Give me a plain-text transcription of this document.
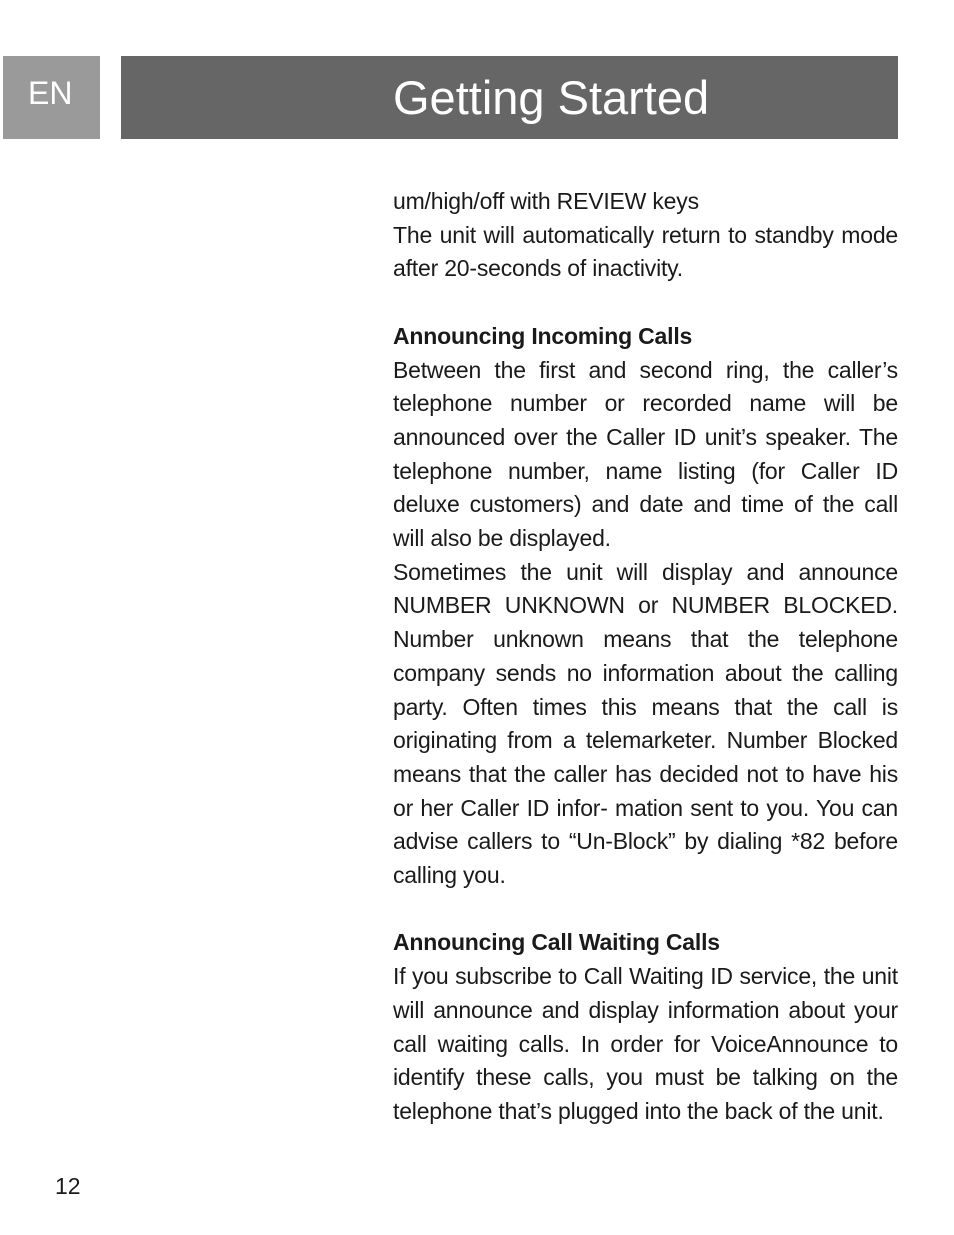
EN	Getting Started

um/high/off with REVIEW keys

The unit will automatically return to standby mode after 20-seconds of inactivity.

Announcing Incoming Calls

Between the first and second ring, the caller’s telephone number or recorded name will be announced over the Caller ID unit’s speaker. The telephone number, name listing (for Caller ID deluxe customers) and date and time of the call will also be displayed.

Sometimes the unit will display and announce NUMBER UNKNOWN or NUMBER BLOCKED. Number unknown means that the telephone company sends no information about the calling party. Often times this means that the call is originating from a telemarketer. Number Blocked means that the caller has decided not to have his or her Caller ID infor- mation sent to you. You can advise callers to “Un-Block” by dialing *82 before calling you.

Announcing Call Waiting Calls

If you subscribe to Call Waiting ID service, the unit will announce and display information about your call waiting calls. In order for VoiceAnnounce to identify these calls, you must be talking on the telephone that’s plugged into the back of the unit.

12
